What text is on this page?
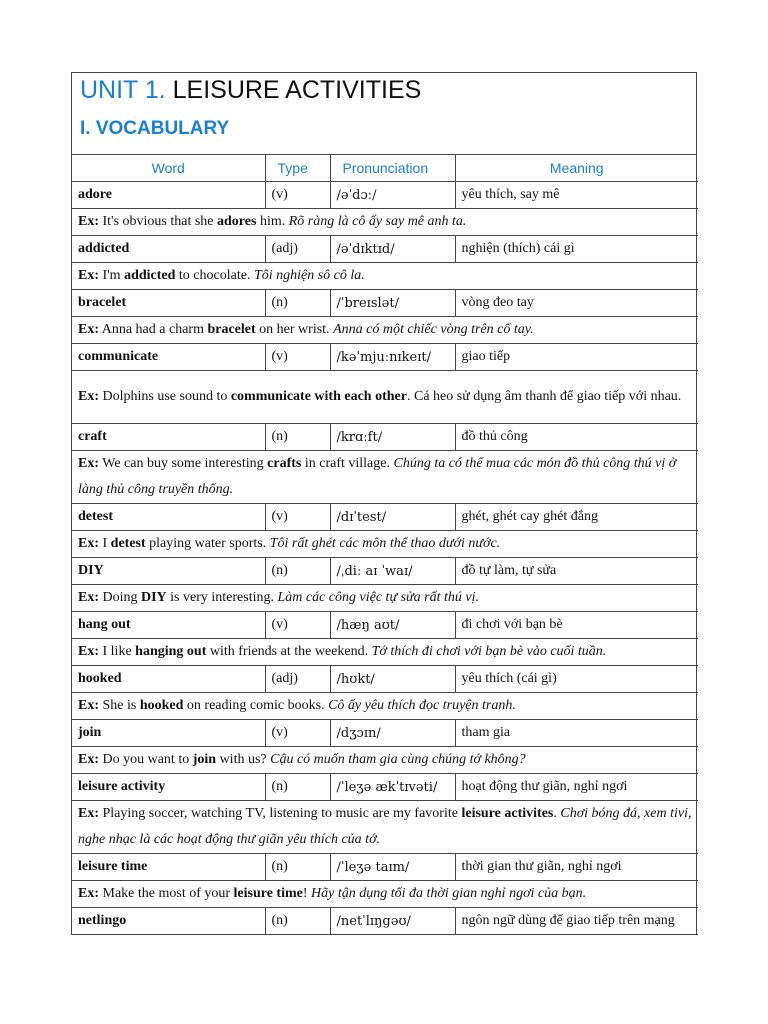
UNIT 1. LEISURE ACTIVITIES
I. VOCABULARY
Word	Type	Pronunciation	Meaning
adore	(v)	/əˈdɔː/	yêu thích, say mê
Ex: It's obvious that she adores him. Rõ ràng là cô ấy say mê anh ta.			
addicted	(adj)	/əˈdɪktɪd/	nghiện (thích) cái gì
Ex: I'm addicted to chocolate. Tôi nghiện sô cô la.			
bracelet	(n)	/ˈbreɪslət/	vòng đeo tay
Ex: Anna had a charm bracelet on her wrist. Anna có một chiếc vòng trên cổ tay.			
communicate	(v)	/kəˈmjuːnɪkeɪt/	giao tiếp
Ex: Dolphins use sound to communicate with each other. Cá heo sử dụng âm thanh để giao tiếp với nhau.			
craft	(n)	/krɑːft/	đồ thủ công
Ex: We can buy some interesting crafts in craft village. Chúng ta có thể mua các món đồ thủ công thú vị ở làng thủ công truyền thống.			
detest	(v)	/dɪˈtest/	ghét, ghét cay ghét đắng
Ex: I detest playing water sports. Tôi rất ghét các môn thể thao dưới nước.			
DIY	(n)	/ˌdiː aɪ ˈwaɪ/	đồ tự làm, tự sửa
Ex: Doing DIY is very interesting. Làm các công việc tự sửa rất thú vị.			
hang out	(v)	/hæŋ aʊt/	đi chơi với bạn bè
Ex: I like hanging out with friends at the weekend. Tớ thích đi chơi với bạn bè vào cuối tuần.			
hooked	(adj)	/hʊkt/	yêu thích (cái gì)
Ex: She is hooked on reading comic books. Cô ấy yêu thích đọc truyện tranh.			
join	(v)	/dʒɔɪn/	tham gia
Ex: Do you want to join with us? Cậu có muốn tham gia cùng chúng tớ không?			
leisure activity	(n)	/ˈleʒə ækˈtɪvəti/	hoạt động thư giãn, nghỉ ngơi
Ex: Playing soccer, watching TV, listening to music are my favorite leisure activites. Chơi bóng đá, xem tivi, nghe nhạc là các hoạt động thư giãn yêu thích của tớ.			
leisure time	(n)	/ˈleʒə taɪm/	thời gian thư giãn, nghỉ ngơi
Ex: Make the most of your leisure time! Hãy tận dụng tối đa thời gian nghỉ ngơi của bạn.			
netlingo	(n)	/netˈlɪŋgəʊ/	ngôn ngữ dùng để giao tiếp trên mạng
